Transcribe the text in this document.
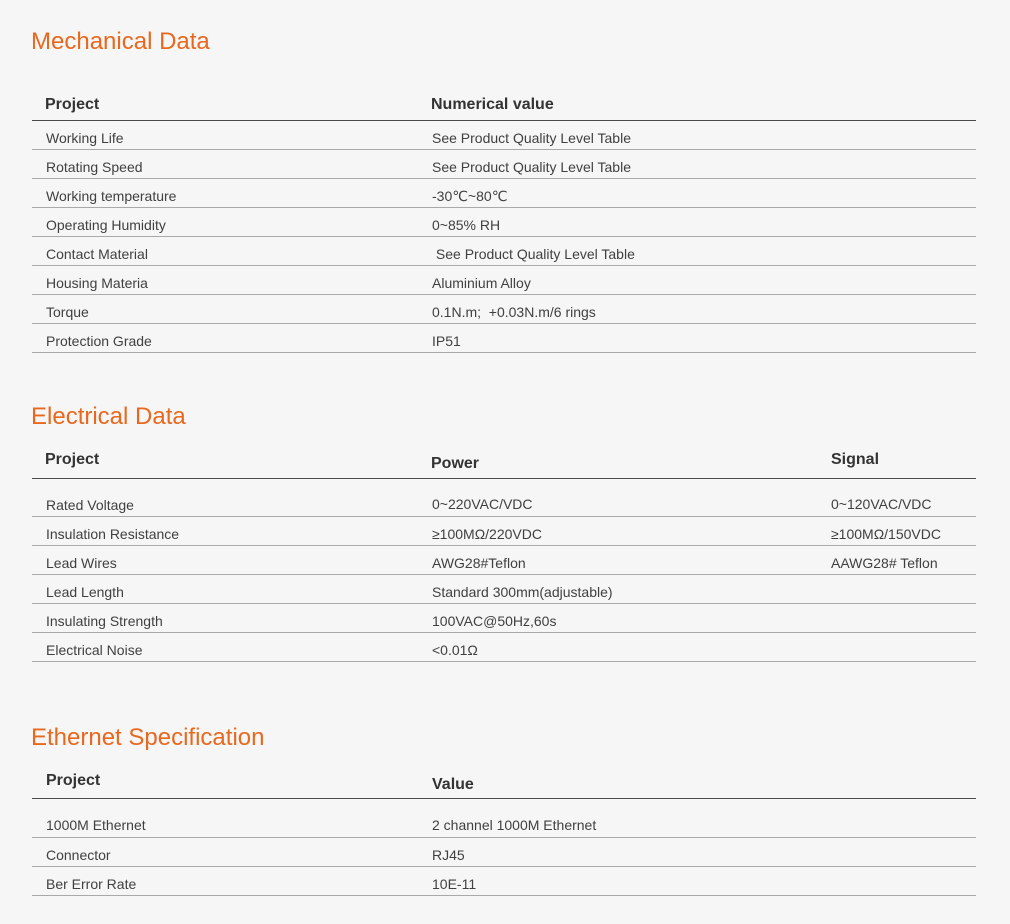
Mechanical Data
Project	Numerical value
Working Life	See Product Quality Level Table
Rotating Speed	See Product Quality Level Table
Working temperature	-30℃~80℃
Operating Humidity	0~85% RH
Contact Material	See Product Quality Level Table
Housing Materia	Aluminium Alloy
Torque	0.1N.m;  +0.03N.m/6 rings
Protection Grade	IP51
Electrical Data
Project	Power	Signal
Rated Voltage	0~220VAC/VDC	0~120VAC/VDC
Insulation Resistance	≥100MΩ/220VDC	≥100MΩ/150VDC
Lead Wires	AWG28#Teflon	AAWG28# Teflon
Lead Length	Standard 300mm(adjustable)
Insulating Strength	100VAC@50Hz,60s
Electrical Noise	<0.01Ω
Ethernet Specification
Project	Value
1000M Ethernet	2 channel 1000M Ethernet
Connector	RJ45
Ber Error Rate	10E-11
